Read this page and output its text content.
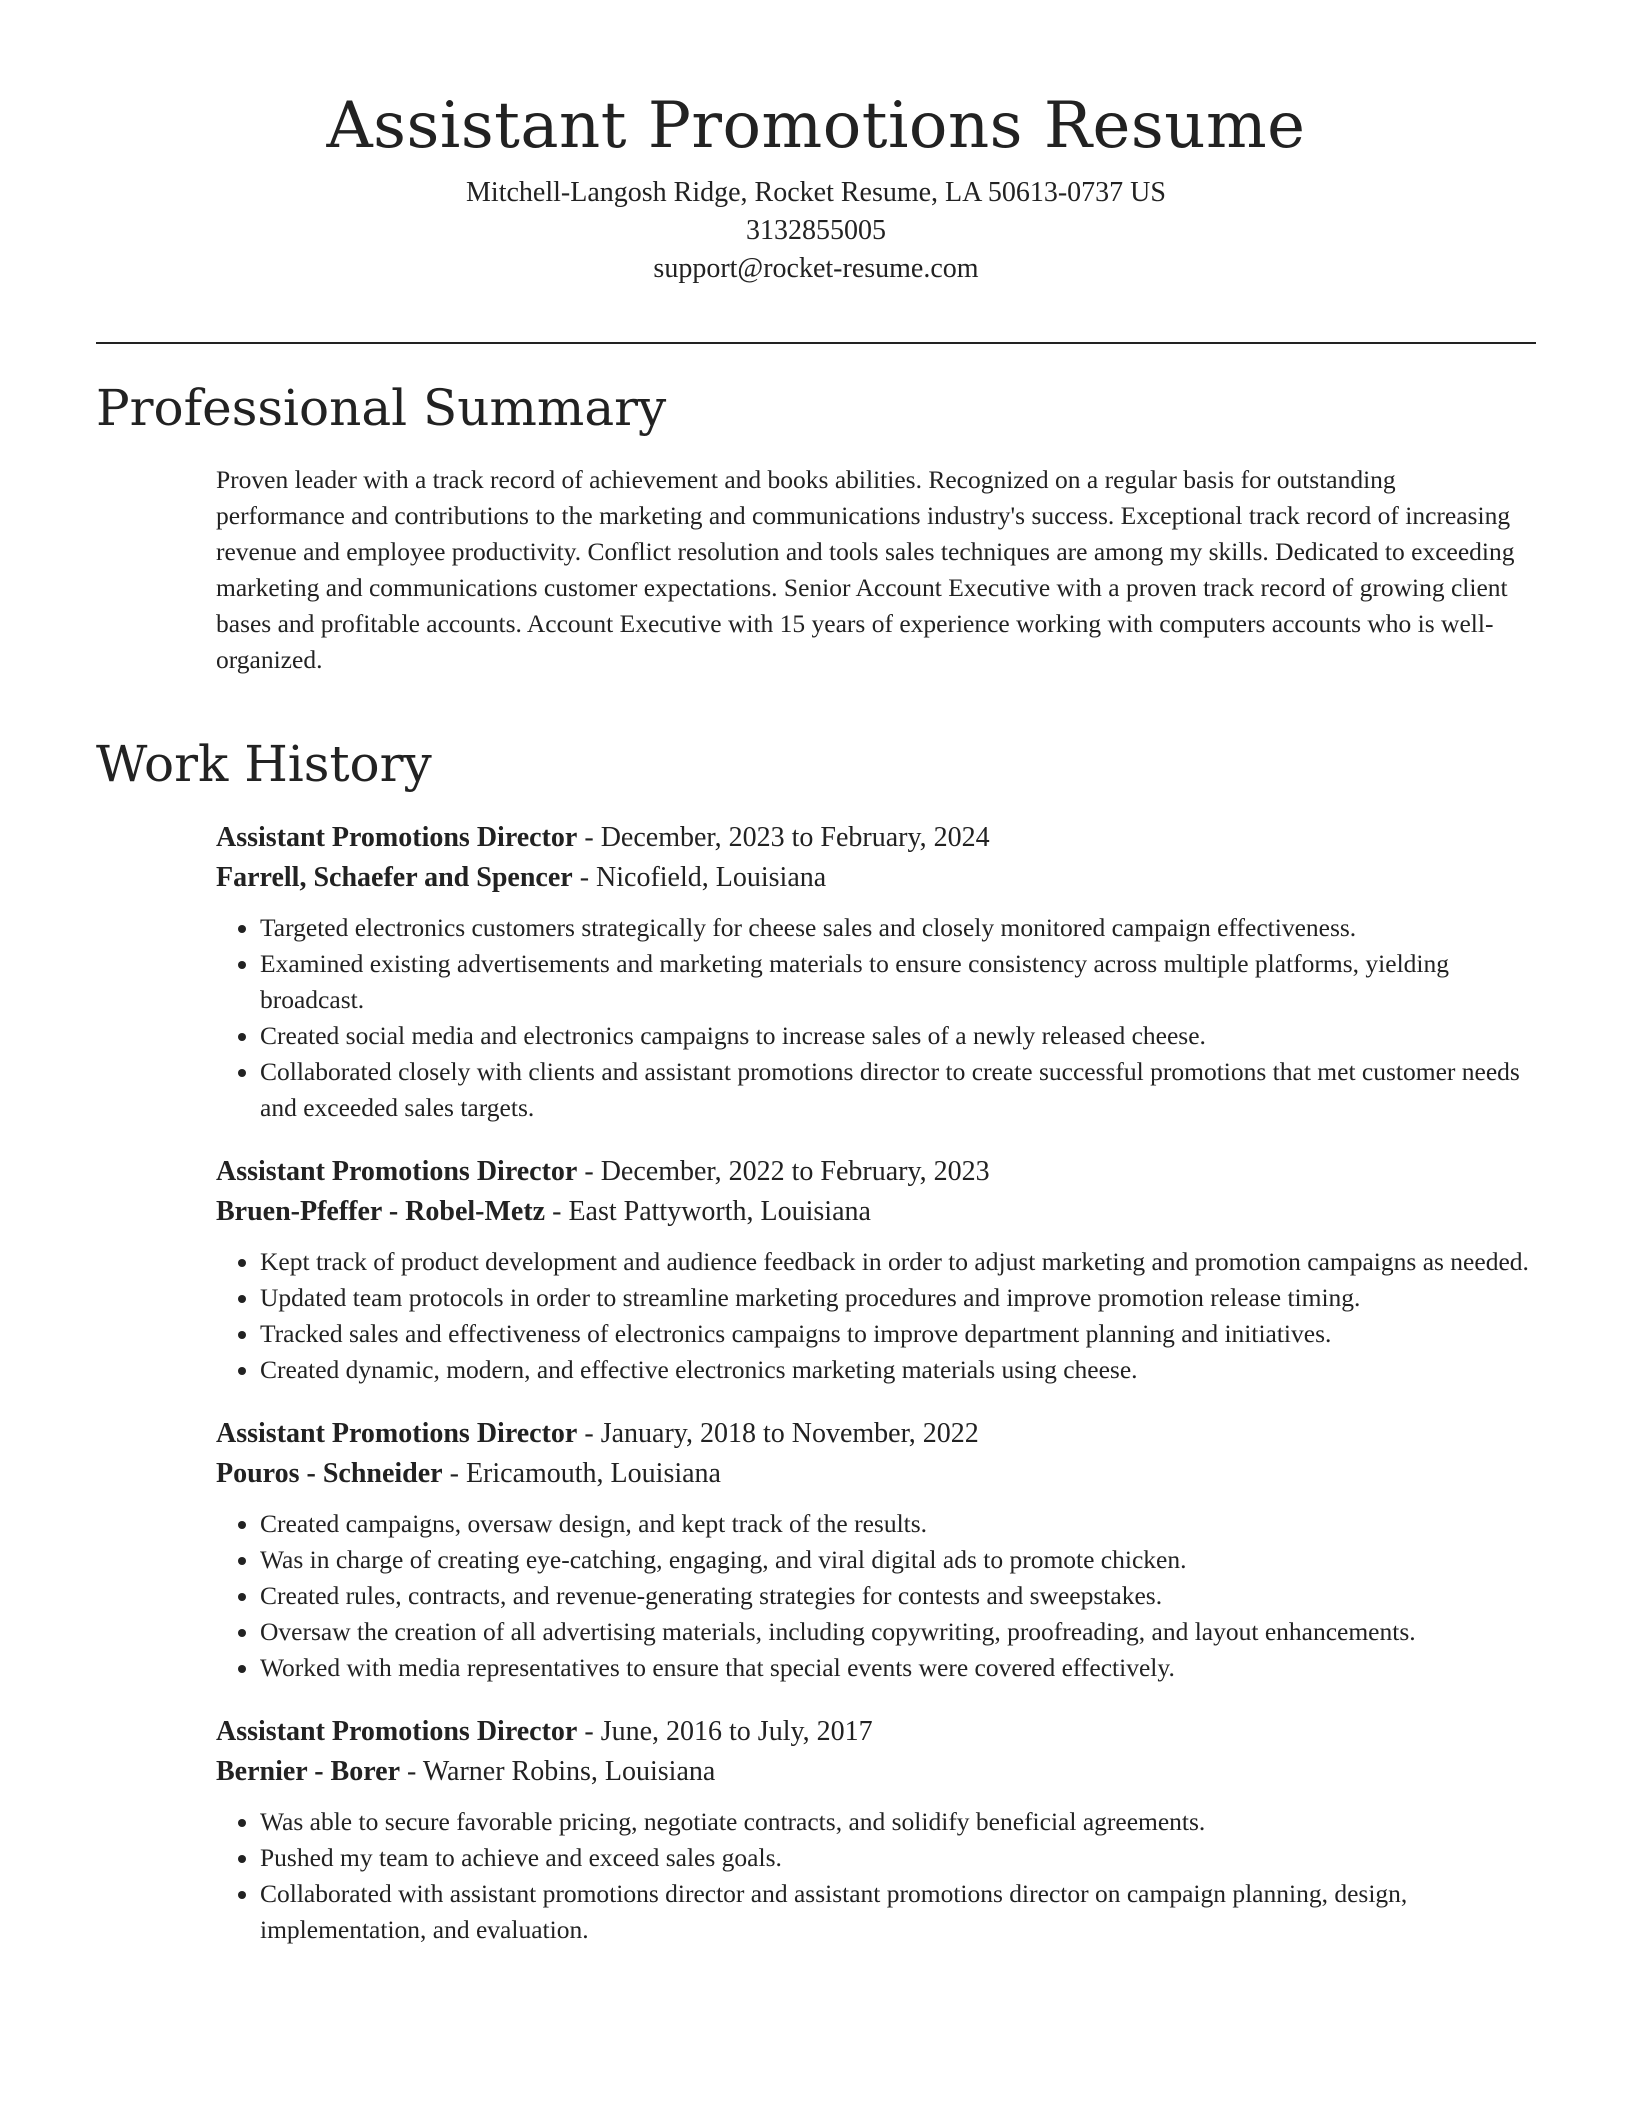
Assistant Promotions Resume
Mitchell-Langosh Ridge, Rocket Resume, LA 50613-0737 US
3132855005
support@rocket-resume.com
Professional Summary

Proven leader with a track record of achievement and books abilities. Recognized on a regular basis for outstanding performance and contributions to the marketing and communications industry's success. Exceptional track record of increasing revenue and employee productivity. Conflict resolution and tools sales techniques are among my skills. Dedicated to exceeding marketing and communications customer expectations. Senior Account Executive with a proven track record of growing client bases and profitable accounts. Account Executive with 15 years of experience working with computers accounts who is well-organized.

Work History
Assistant Promotions Director - December, 2023 to February, 2024
Farrell, Schaefer and Spencer - Nicofield, Louisiana
• Targeted electronics customers strategically for cheese sales and closely monitored campaign effectiveness.
• Examined existing advertisements and marketing materials to ensure consistency across multiple platforms, yielding broadcast.
• Created social media and electronics campaigns to increase sales of a newly released cheese.
• Collaborated closely with clients and assistant promotions director to create successful promotions that met customer needs and exceeded sales targets.
Assistant Promotions Director - December, 2022 to February, 2023
Bruen-Pfeffer - Robel-Metz - East Pattyworth, Louisiana
• Kept track of product development and audience feedback in order to adjust marketing and promotion campaigns as needed.
• Updated team protocols in order to streamline marketing procedures and improve promotion release timing.
• Tracked sales and effectiveness of electronics campaigns to improve department planning and initiatives.
• Created dynamic, modern, and effective electronics marketing materials using cheese.
Assistant Promotions Director - January, 2018 to November, 2022
Pouros - Schneider - Ericamouth, Louisiana
• Created campaigns, oversaw design, and kept track of the results.
• Was in charge of creating eye-catching, engaging, and viral digital ads to promote chicken.
• Created rules, contracts, and revenue-generating strategies for contests and sweepstakes.
• Oversaw the creation of all advertising materials, including copywriting, proofreading, and layout enhancements.
• Worked with media representatives to ensure that special events were covered effectively.
Assistant Promotions Director - June, 2016 to July, 2017
Bernier - Borer - Warner Robins, Louisiana
• Was able to secure favorable pricing, negotiate contracts, and solidify beneficial agreements.
• Pushed my team to achieve and exceed sales goals.
• Collaborated with assistant promotions director and assistant promotions director on campaign planning, design, implementation, and evaluation.
